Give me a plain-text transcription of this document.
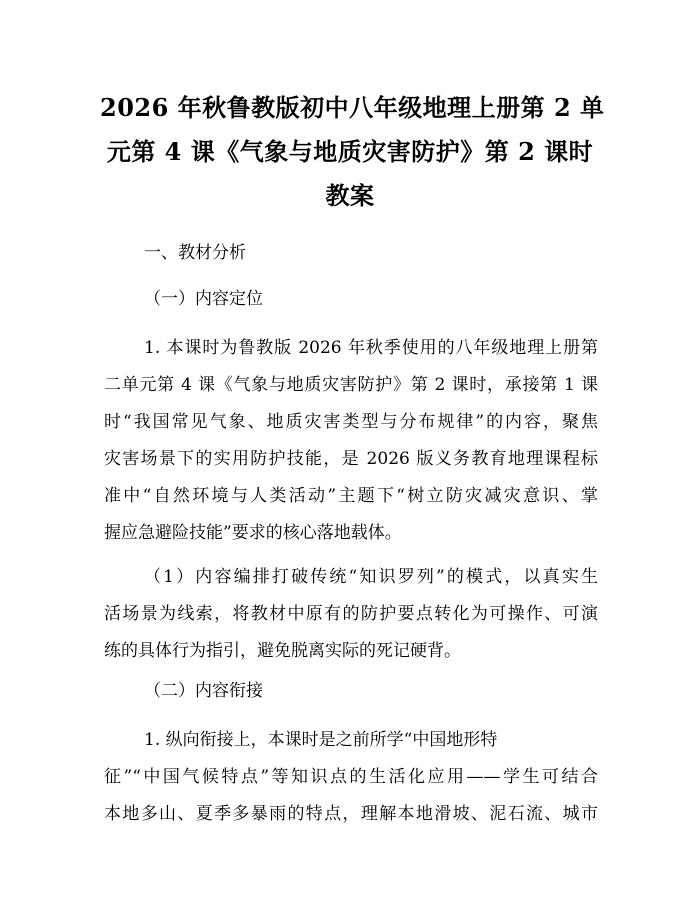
2026 年秋鲁教版初中八年级地理上册第 2 单
元第 4 课《气象与地质灾害防护》第 2 课时
教案
一、教材分析
（一）内容定位
1. 本课时为鲁教版 2026 年秋季使用的八年级地理上册第
二单元第 4 课《气象与地质灾害防护》第 2 课时，承接第 1 课
时“我国常见气象、地质灾害类型与分布规律”的内容，聚焦
灾害场景下的实用防护技能，是 2026 版义务教育地理课程标
准中“自然环境与人类活动”主题下“树立防灾减灾意识、掌
握应急避险技能”要求的核心落地载体。
（1）内容编排打破传统“知识罗列”的模式，以真实生
活场景为线索，将教材中原有的防护要点转化为可操作、可演
练的具体行为指引，避免脱离实际的死记硬背。
（二）内容衔接
1. 纵向衔接上，本课时是之前所学“中国地形特
征”“中国气候特点”等知识点的生活化应用——学生可结合
本地多山、夏季多暴雨的特点，理解本地滑坡、泥石流、城市
